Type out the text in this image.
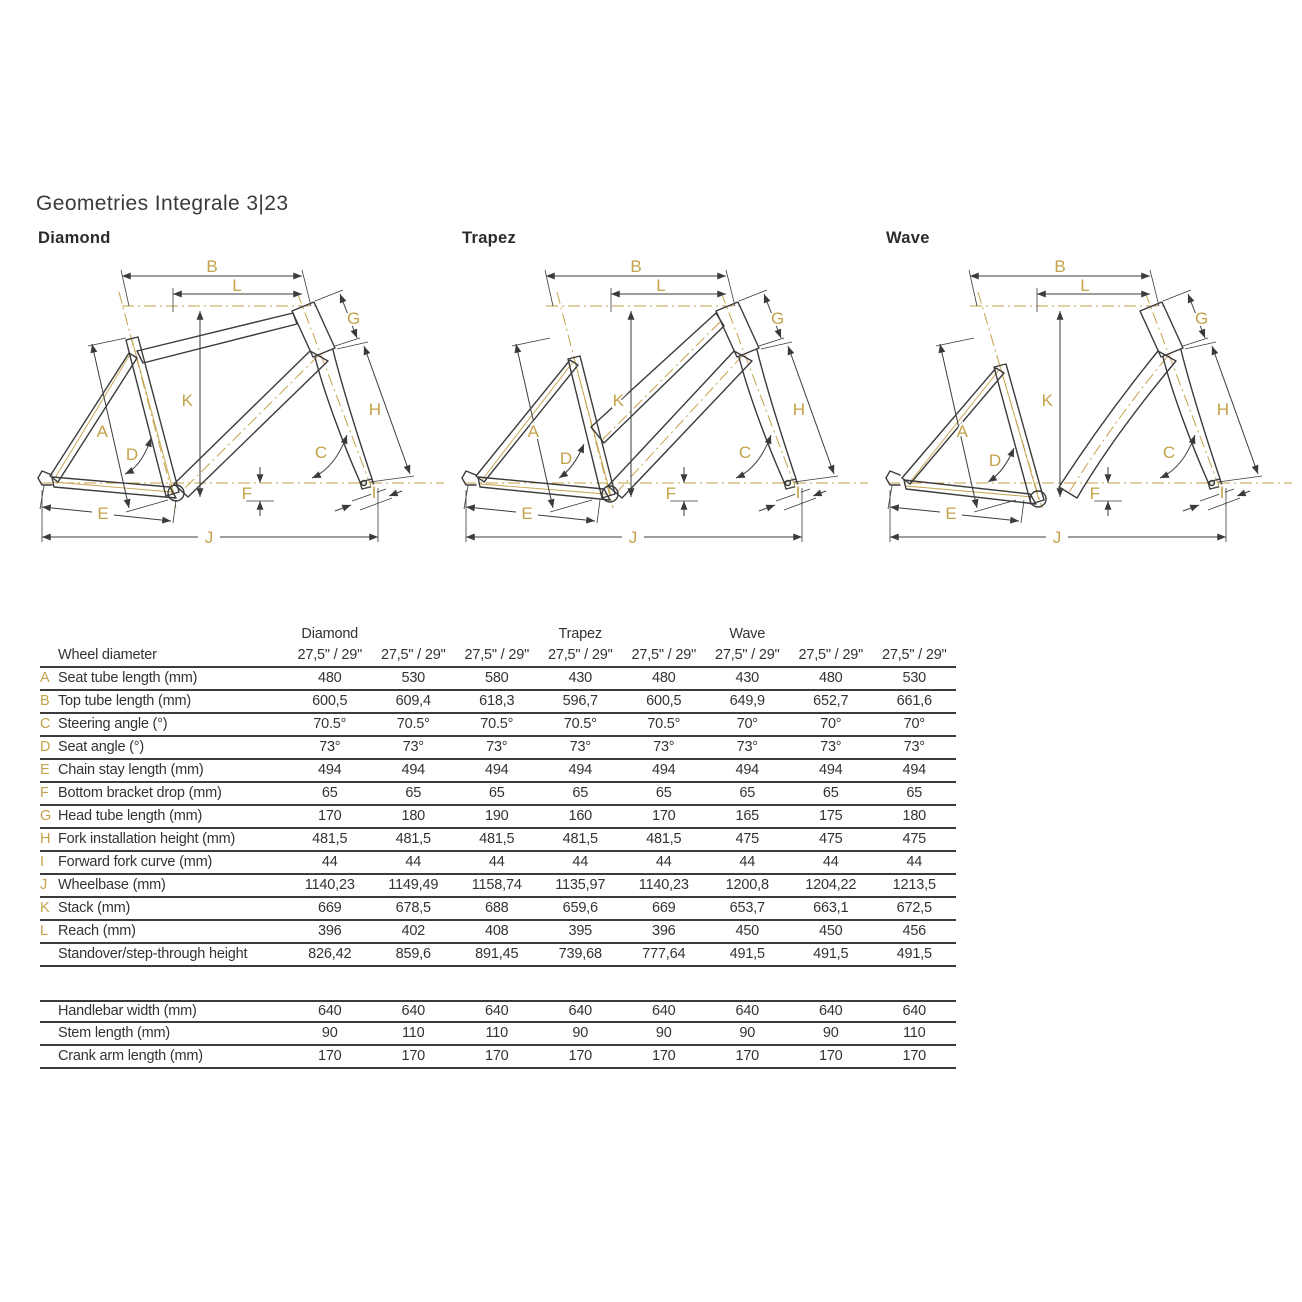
Geometries Integrale 3|23
Diamond
B
L
K
G
H
A
D	C
E
F
J
I
Trapez
B
L
K
G
H
A
D	C
E
F
J
I
Wave
B
L
K
G
H
A
D	C
E
F
J
I
Diamond	Trapez	Wave
Wheel diameter	27,5" / 29"	27,5" / 29"	27,5" / 29"	27,5" / 29"	27,5" / 29"	27,5" / 29"	27,5" / 29"	27,5" / 29"
A Seat tube length (mm)	480	530	580	430	480	430	480	530
B Top tube length (mm)	600,5	609,4	618,3	596,7	600,5	649,9	652,7	661,6
C Steering angle (°)	70.5°	70.5°	70.5°	70.5°	70.5°	70°	70°	70°
D Seat angle (°)	73°	73°	73°	73°	73°	73°	73°	73°
E Chain stay length (mm)	494	494	494	494	494	494	494	494
F Bottom bracket drop (mm)	65	65	65	65	65	65	65	65
G Head tube length (mm)	170	180	190	160	170	165	175	180
H Fork installation height (mm)	481,5	481,5	481,5	481,5	481,5	475	475	475
I Forward fork curve (mm)	44	44	44	44	44	44	44	44
J Wheelbase (mm)	1140,23	1149,49	1158,74	1135,97	1140,23	1200,8	1204,22	1213,5
K Stack (mm)	669	678,5	688	659,6	669	653,7	663,1	672,5
L Reach (mm)	396	402	408	395	396	450	450	456
Standover/step-through height	826,42	859,6	891,45	739,68	777,64	491,5	491,5	491,5
Handlebar width (mm)	640	640	640	640	640	640	640	640
Stem length (mm)	90	110	110	90	90	90	90	110
Crank arm length (mm)	170	170	170	170	170	170	170	170
